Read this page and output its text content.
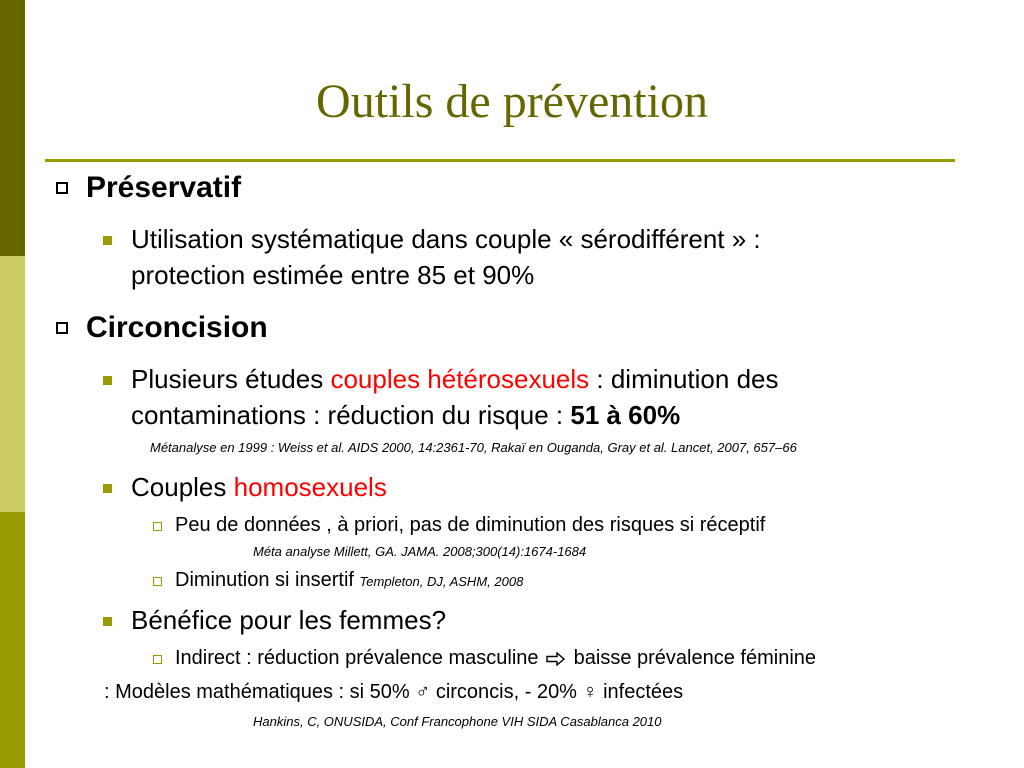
Outils de prévention
Préservatif
Utilisation systématique dans couple « sérodifférent » :
protection estimée entre 85 et 90%
Circoncision
Plusieurs études couples hétérosexuels : diminution des
contaminations : réduction du risque : 51 à 60%
Métanalyse en 1999 : Weiss et al. AIDS 2000, 14:2361-70, Rakaï en Ouganda, Gray et al. Lancet, 2007, 657–66
Couples homosexuels
Peu de données , à priori, pas de diminution des risques si réceptif
Méta analyse Millett, GA. JAMA. 2008;300(14):1674-1684
Diminution si insertif Templeton, DJ, ASHM, 2008
Bénéfice pour les femmes?
Indirect : réduction prévalence masculine  baisse prévalence féminine
: Modèles mathématiques : si 50% ♂ circoncis, - 20% ♀ infectées
Hankins, C, ONUSIDA, Conf Francophone VIH SIDA Casablanca 2010
